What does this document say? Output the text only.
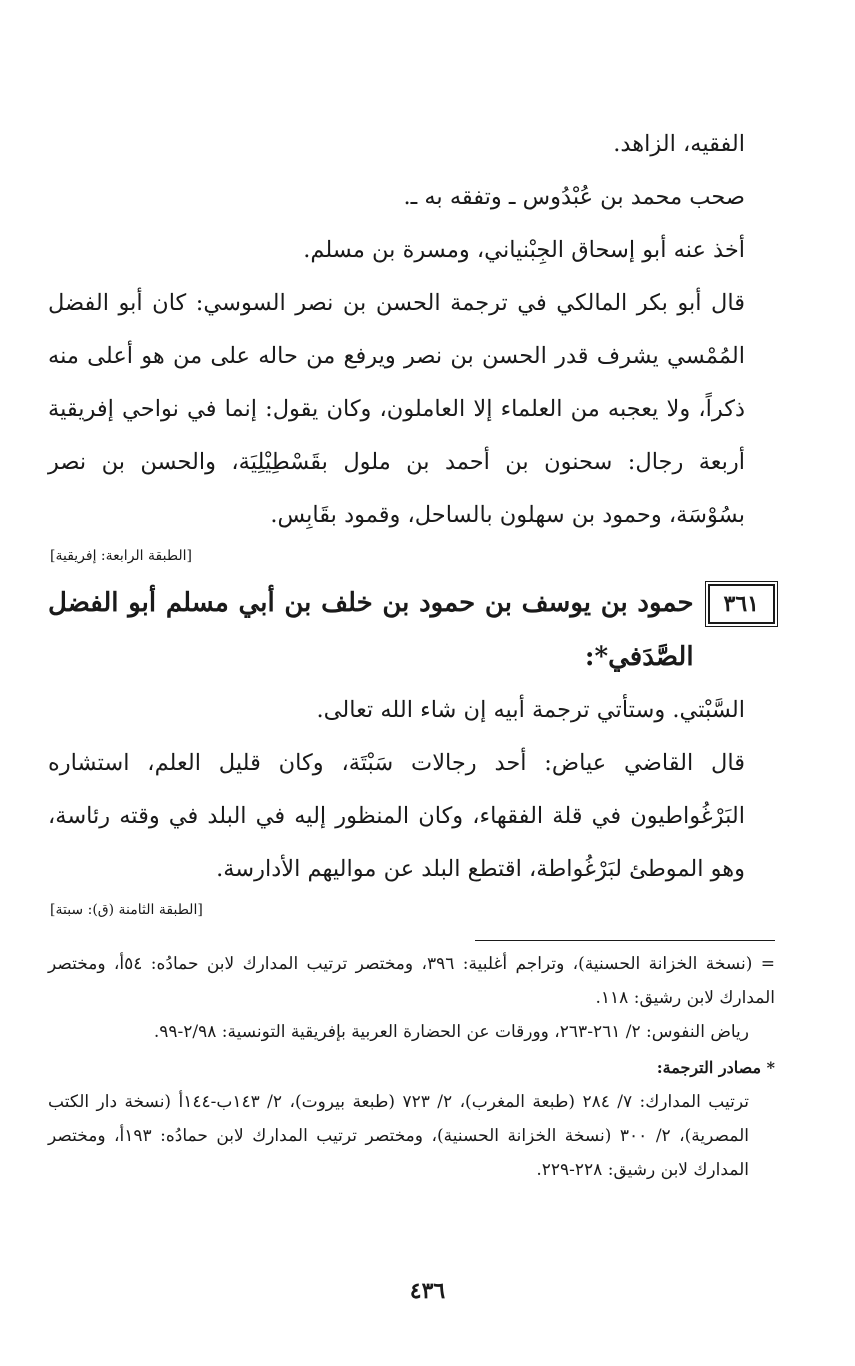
الفقيه، الزاهد.

صحب محمد بن عُبْدُوس ـ وتفقه به ـ.

أخذ عنه أبو إسحاق الجِبْنياني، ومسرة بن مسلم.

قال أبو بكر المالكي في ترجمة الحسن بن نصر السوسي: كان أبو الفضل المُمْسي يشرف قدر الحسن بن نصر ويرفع من حاله على من هو أعلى منه ذكراً، ولا يعجبه من العلماء إلا العاملون، وكان يقول: إنما في نواحي إفريقية أربعة رجال: سحنون بن أحمد بن ملول بقَسْطِيْلِيَة، والحسن بن نصر بسُوْسَة، وحمود بن سهلون بالساحل، وقمود بقَابِس.

[الطبقة الرابعة: إفريقية]

٣٦١

حمود بن يوسف بن حمود بن خلف بن أبي مسلم أبو الفضل الصَّدَفي*:

السَّبْتي. وستأتي ترجمة أبيه إن شاء الله تعالى.

قال القاضي عياض: أحد رجالات سَبْتَة، وكان قليل العلم، استشاره البَرْغُواطيون في قلة الفقهاء، وكان المنظور إليه في البلد في وقته رئاسة، وهو الموطئ لبَرْغُواطة، اقتطع البلد عن مواليهم الأدارسة.

[الطبقة الثامنة (ق): سبتة]

= (نسخة الخزانة الحسنية)، وتراجم أغلبية: ٣٩٦، ومختصر ترتيب المدارك لابن حمادُه: ٥٤أ، ومختصر المدارك لابن رشيق: ١١٨.

رياض النفوس: ٢/ ٢٦١-٢٦٣، وورقات عن الحضارة العربية بإفريقية التونسية: ٢/٩٨-٩٩.

* مصادر الترجمة:

ترتيب المدارك: ٧/ ٢٨٤ (طبعة المغرب)، ٢/ ٧٢٣ (طبعة بيروت)، ٢/ ١٤٣ب-١٤٤أ (نسخة دار الكتب المصرية)، ٢/ ٣٠٠ (نسخة الخزانة الحسنية)، ومختصر ترتيب المدارك لابن حمادُه: ١٩٣أ، ومختصر المدارك لابن رشيق: ٢٢٨-٢٢٩.

٤٣٦
